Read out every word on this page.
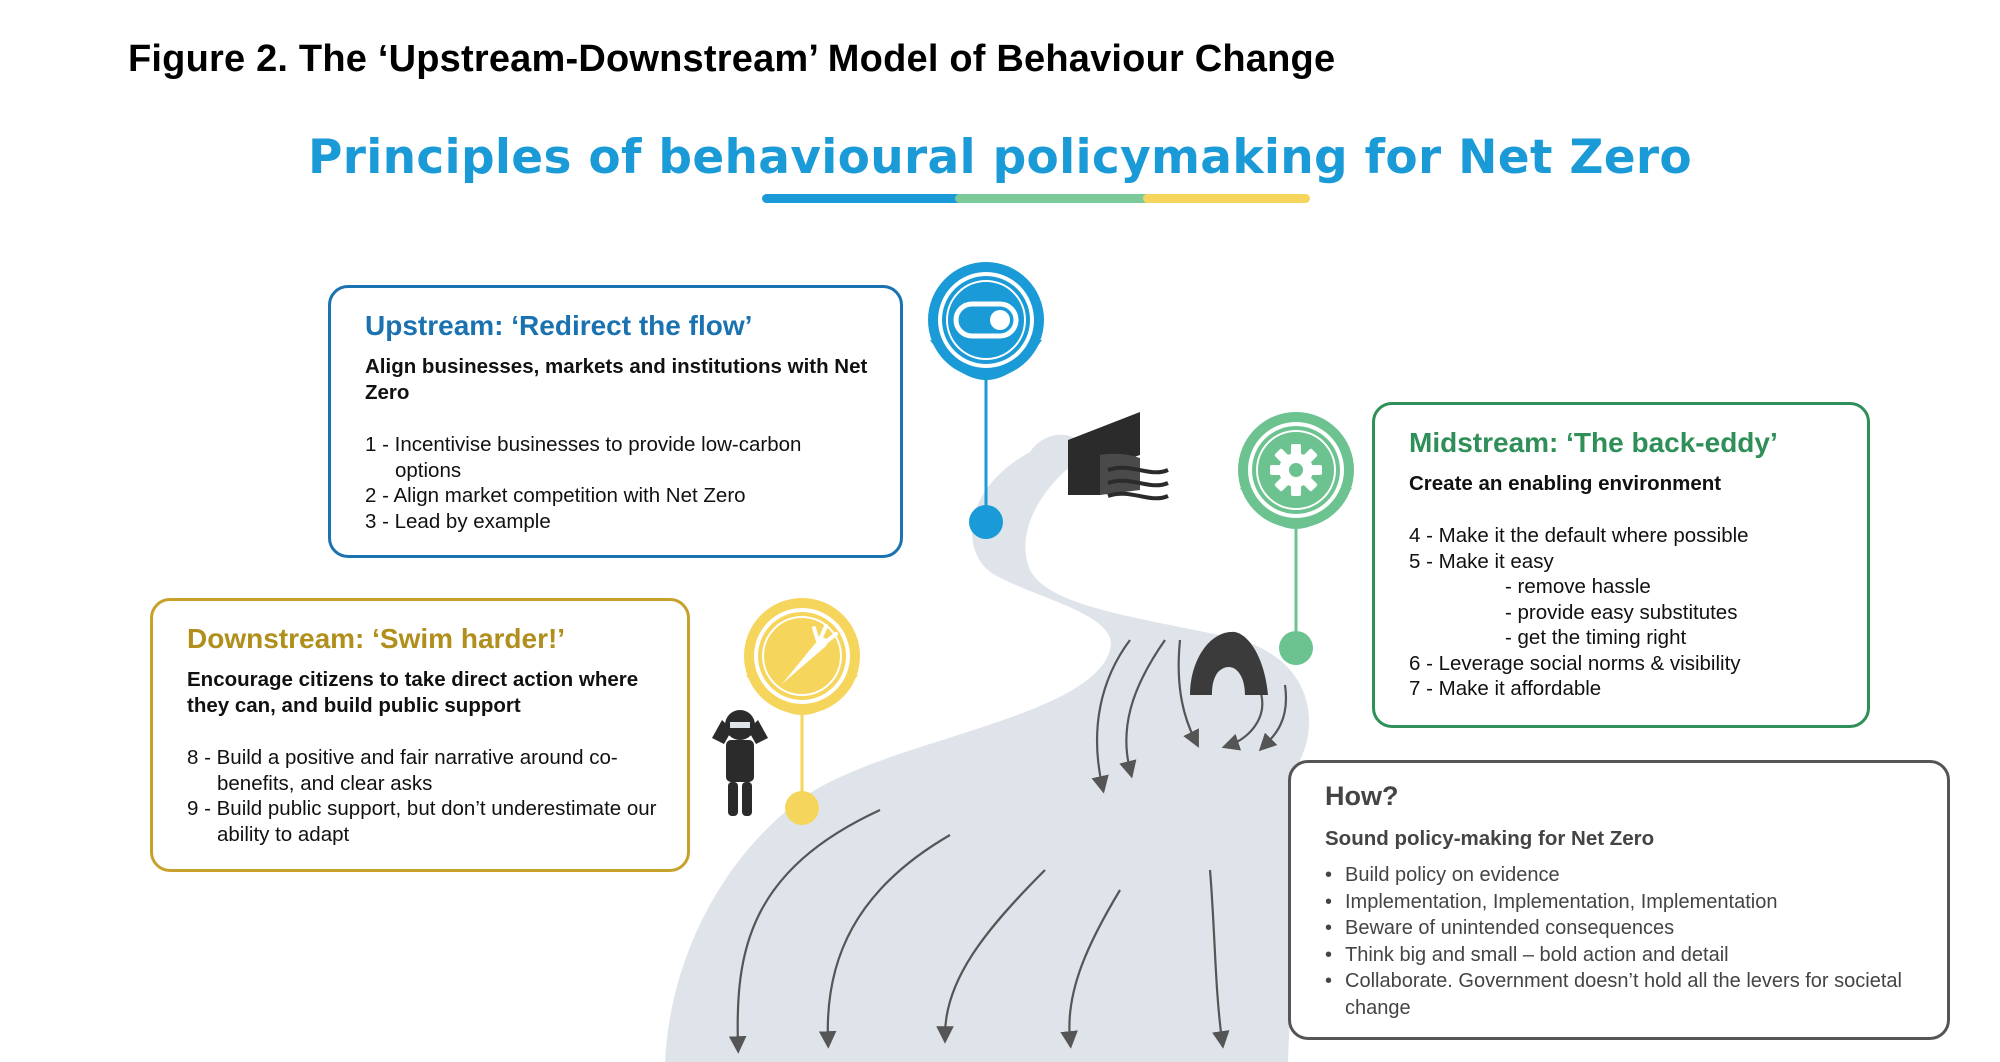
Figure 2. The ‘Upstream-Downstream’ Model of Behaviour Change
Principles of behavioural policymaking for Net Zero
Upstream: ‘Redirect the flow’
Align businesses, markets and institutions with Net Zero
1 - Incentivise businesses to provide low-carbon options
2 - Align market competition with Net Zero
3 - Lead by example
Downstream: ‘Swim harder!’
Encourage citizens to take direct action where they can, and build public support
8 - Build a positive and fair narrative around co-benefits, and clear asks
9 - Build public support, but don’t underestimate our ability to adapt
Midstream: ‘The back-eddy’
Create an enabling environment
4 - Make it the default where possible
5 - Make it easy
- remove hassle
- provide easy substitutes
- get the timing right
6 - Leverage social norms & visibility
7 - Make it affordable
How?
Sound policy-making for Net Zero
• Build policy on evidence
• Implementation, Implementation, Implementation
• Beware of unintended consequences
• Think big and small – bold action and detail
• Collaborate. Government doesn’t hold all the levers for societal change
